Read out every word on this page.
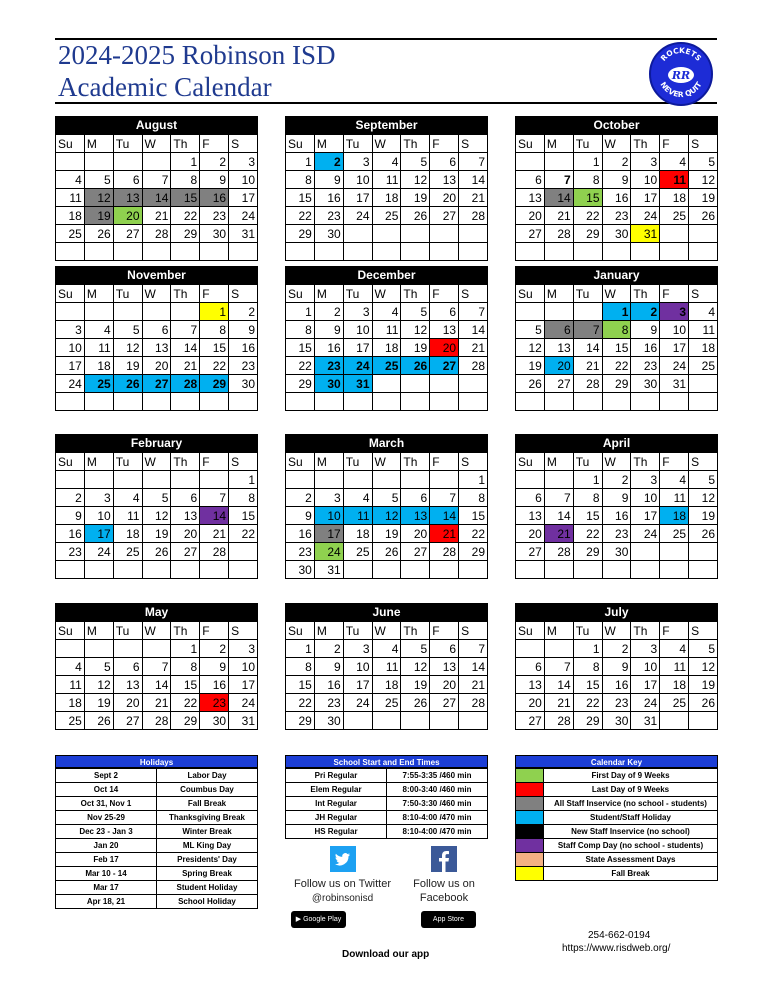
2024-2025 Robinson ISD
Academic Calendar
ROCKETS
NEVER QUIT
RR
August
Su	M	Tu	W	Th	F	S
				1	2	3
4	5	6	7	8	9	10
11	12	13	14	15	16	17
18	19	20	21	22	23	24
25	26	27	28	29	30	31

September
Su	M	Tu	W	Th	F	S
1	2	3	4	5	6	7
8	9	10	11	12	13	14
15	16	17	18	19	20	21
22	23	24	25	26	27	28
29	30					

October
Su	M	Tu	W	Th	F	S
		1	2	3	4	5
6	7	8	9	10	11	12
13	14	15	16	17	18	19
20	21	22	23	24	25	26
27	28	29	30	31		

November
Su	M	Tu	W	Th	F	S
					1	2
3	4	5	6	7	8	9
10	11	12	13	14	15	16
17	18	19	20	21	22	23
24	25	26	27	28	29	30

December
Su	M	Tu	W	Th	F	S
1	2	3	4	5	6	7
8	9	10	11	12	13	14
15	16	17	18	19	20	21
22	23	24	25	26	27	28
29	30	31				

January
Su	M	Tu	W	Th	F	S
			1	2	3	4
5	6	7	8	9	10	11
12	13	14	15	16	17	18
19	20	21	22	23	24	25
26	27	28	29	30	31	

February
Su	M	Tu	W	Th	F	S
						1
2	3	4	5	6	7	8
9	10	11	12	13	14	15
16	17	18	19	20	21	22
23	24	25	26	27	28	

March
Su	M	Tu	W	Th	F	S
						1
2	3	4	5	6	7	8
9	10	11	12	13	14	15
16	17	18	19	20	21	22
23	24	25	26	27	28	29
30	31					
April
Su	M	Tu	W	Th	F	S
		1	2	3	4	5
6	7	8	9	10	11	12
13	14	15	16	17	18	19
20	21	22	23	24	25	26
27	28	29	30			

May
Su	M	Tu	W	Th	F	S
				1	2	3
4	5	6	7	8	9	10
11	12	13	14	15	16	17
18	19	20	21	22	23	24
25	26	27	28	29	30	31
June
Su	M	Tu	W	Th	F	S
1	2	3	4	5	6	7
8	9	10	11	12	13	14
15	16	17	18	19	20	21
22	23	24	25	26	27	28
29	30					
July
Su	M	Tu	W	Th	F	S
		1	2	3	4	5
6	7	8	9	10	11	12
13	14	15	16	17	18	19
20	21	22	23	24	25	26
27	28	29	30	31		
Holidays
Sept 2	Labor Day
Oct 14	Coumbus Day
Oct 31, Nov 1	Fall Break
Nov 25-29	Thanksgiving Break
Dec 23 - Jan 3	Winter Break
Jan 20	ML King Day
Feb 17	Presidents' Day
Mar 10 - 14	Spring Break
Mar 17	Student Holiday
Apr 18, 21	School Holiday
School Start and End Times
Pri Regular	7:55-3:35 /460 min
Elem Regular	8:00-3:40 /460 min
Int Regular	7:50-3:30 /460 min
JH Regular	8:10-4:00 /470 min
HS Regular	8:10-4:00 /470 min
Calendar Key
	First Day of 9 Weeks
	Last Day of 9 Weeks
	All Staff Inservice (no school - students)
	Student/Staff Holiday
	New Staff Inservice (no school)
	Staff Comp Day (no school - students)
	State Assessment Days
	Fall Break
Follow us on Twitter
@robinsonisd
Follow us on
Facebook
▶ Google Play	App Store
Download our app
254-662-0194
https://www.risdweb.org/
